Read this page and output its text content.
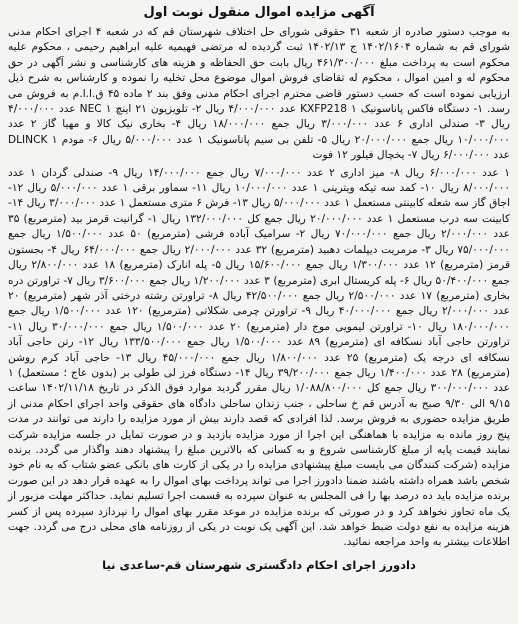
آگهی مزایده اموال منقول نوبت اول

به موجب دستور صادره از شعبه ۳۱ حقوقی شورای حل اختلاف شهرستان قم که در شعبه ۴ اجرای احکام مدنی شورای قم به شماره ۱۴۰۲/۱۶۰۴ ج ۱۴۰۲/۱۳ ثبت گردیده له مرتضی فهیمیه علیه ابراهیم رحیمی ، محکوم علیه محکوم است به پرداخت مبلغ ۴۶۱/۳۰۰/۰۰۰ ریال بابت حق الحفاظه و هزینه های کارشناسی و نشر آگهی در حق محکوم له و امین اموال ، محکوم له تقاضای فروش اموال موضوع محل تخلیه را نموده و کارشناس به شرح ذیل ارزیابی نموده است که حسب دستور قاضی محترم اجرای احکام مدنی وفق بند ۲ ماده ۴۵ ق.ا.ا.م به فروش می رسد. ۱- دستگاه فاکس پاناسونیک KXFP218 ۱ عدد ۴/۰۰۰/۰۰۰ ریال ۲- تلویزیون ۲۱ اینچ NEC ۱ عدد ۴/۰۰۰/۰۰۰ ریال ۳- صندلی اداری ۶ عدد ۳/۰۰۰/۰۰۰ ریال جمع ۱۸/۰۰۰/۰۰۰ ریال ۴- بخاری نیک کالا و مهیا گاز ۲ عدد ۱۰/۰۰۰/۰۰۰ ریال جمع ۲۰/۰۰۰/۰۰۰ ریال ۵- تلفن بی سیم پاناسونیک ۱ عدد ۵/۰۰۰/۰۰۰ ریال ۶- مودم DLINCK ۱ عدد ۶/۰۰۰/۰۰۰ ریال ۷- یخچال فیلور ۱۲ فوت

۱ عدد ۶/۰۰۰/۰۰۰ ریال ۸- میز اداری ۲ عدد ۷/۰۰۰/۰۰۰ ریال جمع ۱۴/۰۰۰/۰۰۰ ریال ۹- صندلی گردان ۱ عدد ۸/۰۰۰/۰۰۰ ریال ۱۰- کمد سه تیکه ویترینی ۱ عدد ۱۰/۰۰۰/۰۰۰ ریال ۱۱- سماور برقی ۱ عدد ۵/۰۰۰/۰۰۰ ریال ۱۲- اجاق گاز سه شعله کابینتی مستعمل ۱ عدد ۵/۰۰۰/۰۰۰ ریال ۱۳- فرش ۶ متری مستعمل ۱ عدد ۳/۰۰۰/۰۰۰ ریال ۱۴- کابینت سه درب مستعمل ۱ عدد ۲۰/۰۰۰/۰۰۰ ریال جمع کل ۱۳۲/۰۰۰/۰۰۰ ریال ۱- گرانیت قرمز بید (مترمربع) ۳۵ عدد ۲/۰۰۰/۰۰۰ ریال جمع ۷۰/۰۰۰/۰۰۰ ریال ۲- سرامیک آباده فرشی (مترمربع) ۵۰ عدد ۱/۵۰۰/۰۰۰ ریال جمع ۷۵/۰۰۰/۰۰۰ ریال ۳- مرمریت دیپلمات دهبید (مترمربع) ۳۲ عدد ۲/۰۰۰/۰۰۰ ریال جمع ۶۴/۰۰۰/۰۰۰ ریال ۴- بجستون قرمز (مترمربع) ۱۲ عدد ۱/۳۰۰/۰۰۰ ریال جمع ۱۵/۶۰۰/۰۰۰ ریال ۵- پله انارک (مترمربع) ۱۸ عدد ۲/۸۰۰/۰۰۰ ریال جمع ۵۰/۴۰۰/۰۰۰ ریال ۶- پله کریستال ابری (مترمربع) ۳ عدد ۱/۲۰۰/۰۰۰ ریال جمع ۳/۶۰۰/۰۰۰ ریال ۷- تراورتن دره بخاری (مترمربع) ۱۷ عدد ۲/۵۰۰/۰۰۰ ریال جمع ۴۲/۵۰۰/۰۰۰ ریال ۸- تراورتن رشته درختی آذر شهر (مترمربع) ۲۰ عدد ۲/۰۰۰/۰۰۰ ریال جمع ۴۰/۰۰۰/۰۰۰ ریال ۹- تراورتن چرمی شکلاتی (مترمربع) ۱۲۰ عدد ۱/۵۰۰/۰۰۰ ریال جمع ۱۸۰/۰۰۰/۰۰۰ ریال ۱۰- تراورتن لیمویی موج دار (مترمربع) ۲۰ عدد ۱/۵۰۰/۰۰۰ ریال جمع ۳۰/۰۰۰/۰۰۰ ریال ۱۱- تراورتن حاجی آباد نسکافه ای (مترمربع) ۸۹ عدد ۱/۵۰۰/۰۰۰ ریال جمع ۱۳۳/۵۰۰/۰۰۰ ریال ۱۲- رتن حاجی آباد نسکافه ای درجه یک (مترمربع) ۲۵ عدد ۱/۸۰۰/۰۰۰ ریال جمع ۴۵/۰۰۰/۰۰۰ ریال ۱۳- حاجی آباد کرم روشن (مترمربع) ۲۸ عدد ۱/۴۰۰/۰۰۰ ریال جمع ۳۹/۲۰۰/۰۰۰ ریال ۱۴- دستگاه فرز لی طولی بر (بدون عاج ؛ مستعمل) ۱ عدد ۳۰۰/۰۰۰/۰۰۰ ریال جمع کل ۱/۰۸۸/۸۰۰/۰۰۰ ریال مقرر گردید موارد فوق الذکر در تاریخ ۱۴۰۲/۱۱/۱۸ ساعت ۹/۱۵ الی ۹/۳۰ صبح به آدرس قم خ ساحلی ، جنب زندان ساحلی دادگاه های حقوقی واحد اجرای احکام مدنی از طریق مزایده حضوری به فروش برسد. لذا افرادی که قصد دارند بیش از مورد مزایده را دارند می توانند در مدت پنج روز مانده به مزایده با هماهنگی این اجرا از مورد مزایده بازدید و در صورت تمایل در جلسه مزایده شرکت نمایند قیمت پایه از مبلغ کارشناسی شروع و به کسانی که بالاترین مبلغ را پیشنهاد دهند واگذار می گردد. برنده مزایده (شرکت کنندگان می بایست مبلغ پیشنهادی مزایده را در یکی از کارت های بانکی عضو شتاب که به نام خود شخص باشد همراه داشته باشند ضمنا دادورز اجرا می تواند پرداخت بهای اموال را به عهده قرار دهد در این صورت برنده مزایده باید ده درصد بها را فی المجلس به عنوان سپرده به قسمت اجرا تسلیم نماید. حداکثر مهلت مزبور از یک ماه تجاوز نخواهد کرد و در صورتی که برنده مزایده در موعد مقرر بهای اموال را نپردازد سپرده پس از کسر هزینه مزایده به نفع دولت ضبط خواهد شد. این آگهی یک نوبت در یکی از روزنامه های محلی درج می گردد. جهت اطلاعات بیشتر به واحد مراجعه نمائید.

دادورز اجرای احکام دادگستری شهرستان قم-ساعدی نیا
